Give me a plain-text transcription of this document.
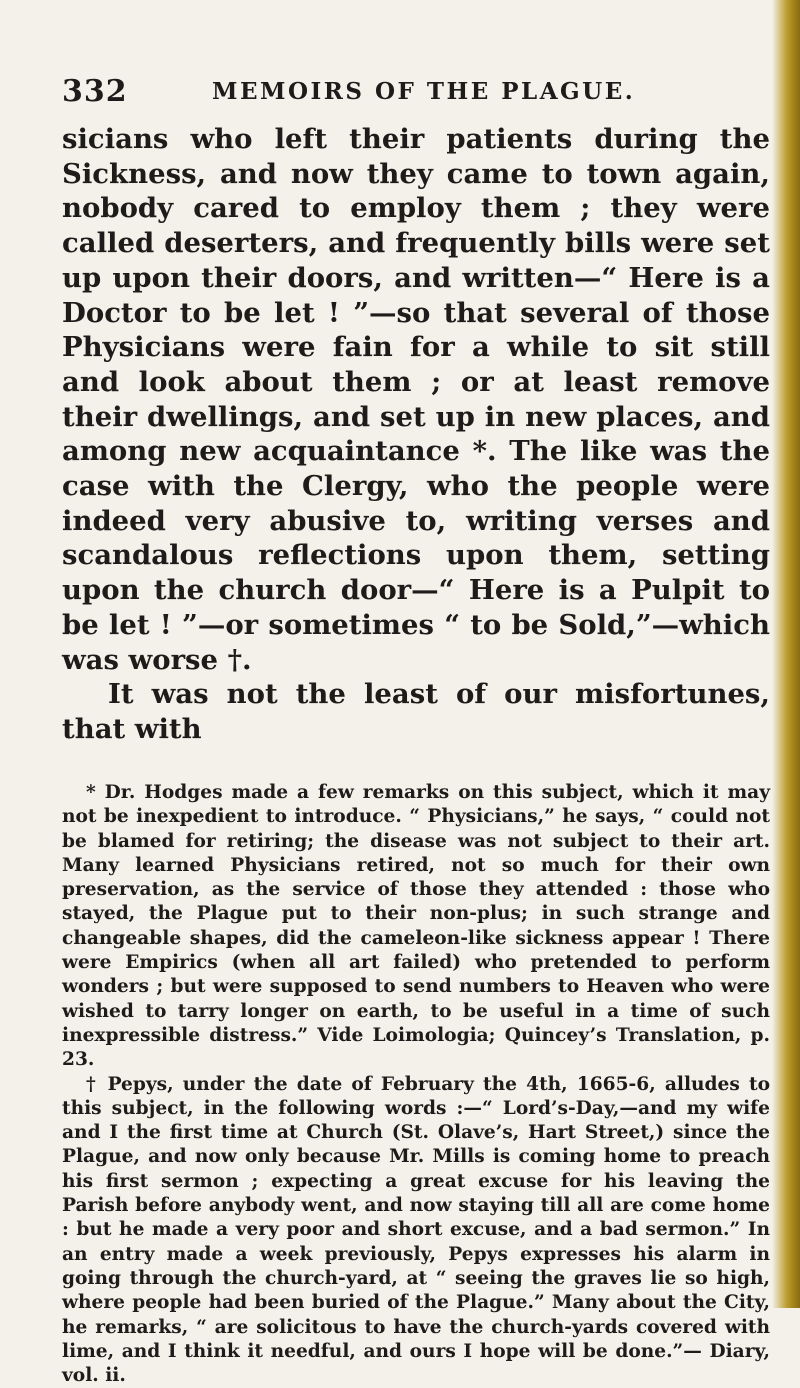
332	MEMOIRS OF THE PLAGUE.

sicians who left their patients during the Sickness, and now they came to town again, nobody cared to employ them ; they were called deserters, and frequently bills were set up upon their doors, and written—“ Here is a Doctor to be let ! ”—so that several of those Physicians were fain for a while to sit still and look about them ; or at least remove their dwellings, and set up in new places, and among new acquaintance *. The like was the case with the Clergy, who the people were indeed very abusive to, writing verses and scandalous reflections upon them, setting upon the church door—“ Here is a Pulpit to be let ! ”—or sometimes “ to be Sold,”—which was worse †.

It was not the least of our misfortunes, that with

* Dr. Hodges made a few remarks on this subject, which it may not be inexpedient to introduce. “ Physicians,” he says, “ could not be blamed for retiring; the disease was not subject to their art. Many learned Physicians retired, not so much for their own preservation, as the service of those they attended : those who stayed, the Plague put to their non-plus; in such strange and changeable shapes, did the cameleon-like sickness appear ! There were Empirics (when all art failed) who pretended to perform wonders ; but were supposed to send numbers to Heaven who were wished to tarry longer on earth, to be useful in a time of such inexpressible distress.” Vide Loimologia; Quincey’s Translation, p. 23.

† Pepys, under the date of February the 4th, 1665-6, alludes to this subject, in the following words :—“ Lord’s-Day,—and my wife and I the first time at Church (St. Olave’s, Hart Street,) since the Plague, and now only because Mr. Mills is coming home to preach his first sermon ; expecting a great excuse for his leaving the Parish before anybody went, and now staying till all are come home : but he made a very poor and short excuse, and a bad sermon.” In an entry made a week previously, Pepys expresses his alarm in going through the church-yard, at “ seeing the graves lie so high, where people had been buried of the Plague.” Many about the City, he remarks, “ are solicitous to have the church-yards covered with lime, and I think it needful, and ours I hope will be done.”— Diary, vol. ii.
